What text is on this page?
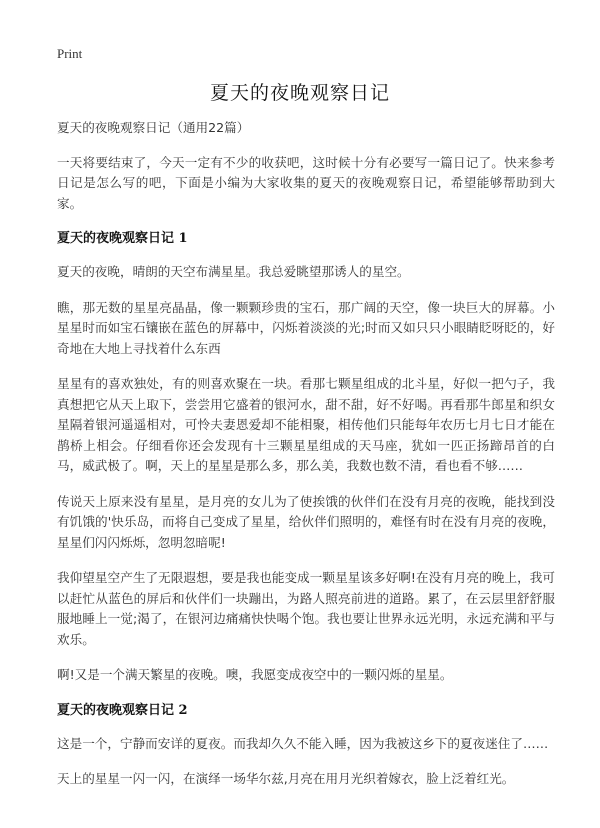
Print
夏天的夜晚观察日记

夏天的夜晚观察日记（通用22篇）

一天将要结束了，今天一定有不少的收获吧，这时候十分有必要写一篇日记了。快来参考日记是怎么写的吧，下面是小编为大家收集的夏天的夜晚观察日记，希望能够帮助到大家。

夏天的夜晚观察日记 1

夏天的夜晚，晴朗的天空布满星星。我总爱眺望那诱人的星空。

瞧，那无数的星星亮晶晶，像一颗颗珍贵的宝石，那广阔的天空，像一块巨大的屏幕。小星星时而如宝石镶嵌在蓝色的屏幕中，闪烁着淡淡的光;时而又如只只小眼睛眨呀眨的，好奇地在大地上寻找着什么东西

星星有的喜欢独处，有的则喜欢聚在一块。看那七颗星组成的北斗星，好似一把勺子，我真想把它从天上取下，尝尝用它盛着的银河水，甜不甜，好不好喝。再看那牛郎星和织女星隔着银河遥遥相对，可怜夫妻恩爱却不能相聚，相传他们只能每年农历七月七日才能在鹊桥上相会。仔细看你还会发现有十三颗星星组成的天马座，犹如一匹正扬蹄昂首的白马，威武极了。啊，天上的星星是那么多，那么美，我数也数不清，看也看不够……

传说天上原来没有星星，是月亮的女儿为了使挨饿的伙伴们在没有月亮的夜晚，能找到没有饥饿的'快乐岛，而将自己变成了星星，给伙伴们照明的，难怪有时在没有月亮的夜晚，星星们闪闪烁烁，忽明忽暗呢!

我仰望星空产生了无限遐想，要是我也能变成一颗星星该多好啊!在没有月亮的晚上，我可以赶忙从蓝色的屏后和伙伴们一块蹦出，为路人照亮前进的道路。累了，在云层里舒舒服服地睡上一觉;渴了，在银河边痛痛快快喝个饱。我也要让世界永远光明，永远充满和平与欢乐。

啊!又是一个满天繁星的夜晚。噢，我愿变成夜空中的一颗闪烁的星星。

夏天的夜晚观察日记 2

这是一个，宁静而安详的夏夜。而我却久久不能入睡，因为我被这乡下的夏夜迷住了……

天上的星星一闪一闪，在演绎一场华尔兹,月亮在用月光织着嫁衣，脸上泛着红光。
